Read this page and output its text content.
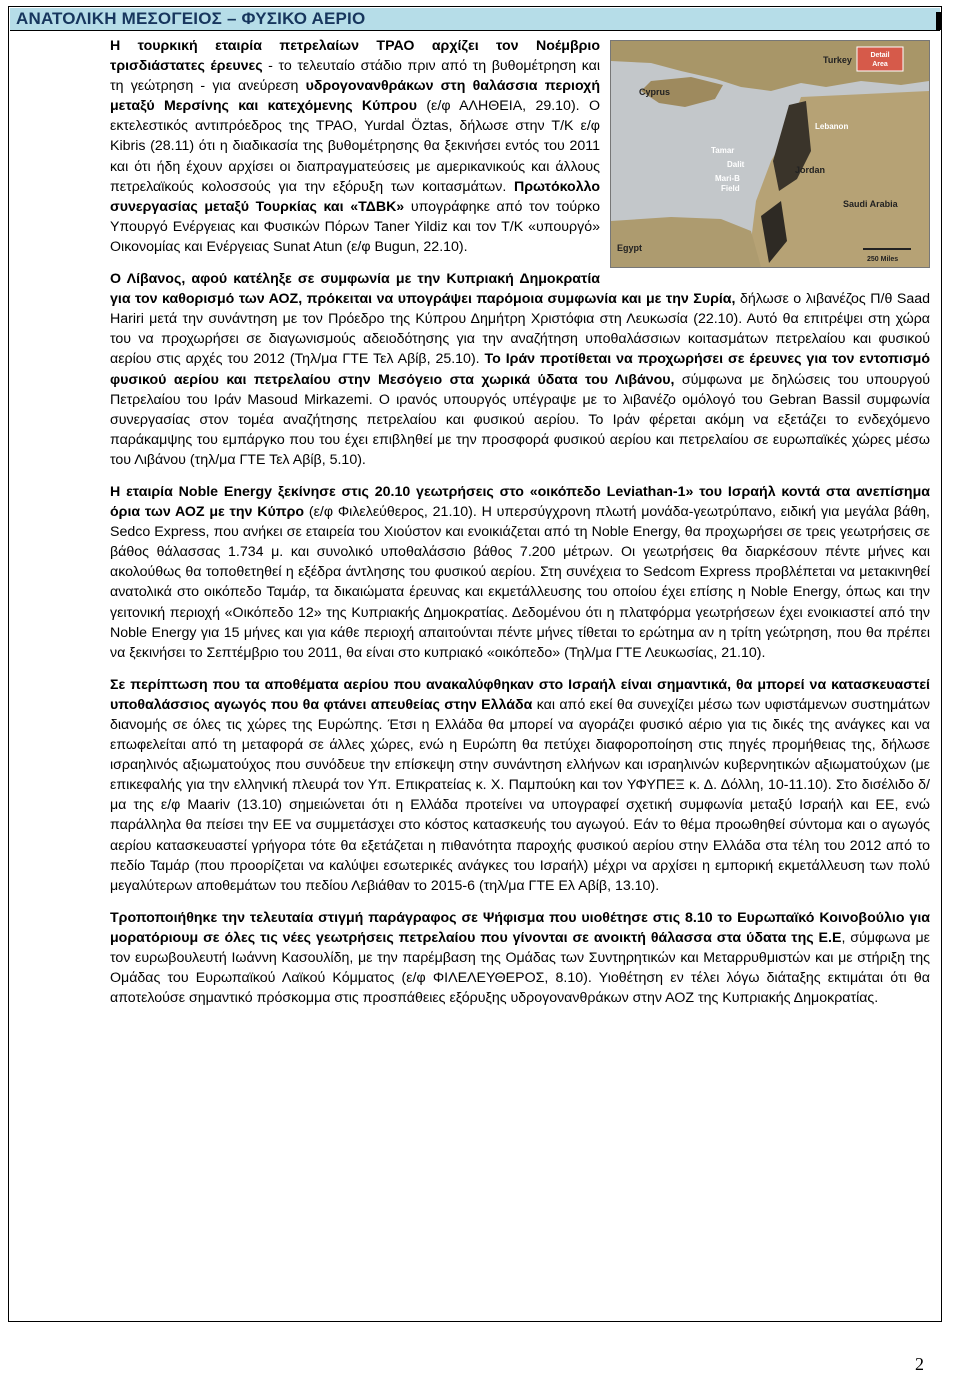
ΑΝΑΤΟΛΙΚΗ ΜΕΣΟΓΕΙΟΣ – ΦΥΣΙΚΟ ΑΕΡΙΟ

Detail
Area
Turkey
Cyprus
Lebanon
Tamar
Dalit
Mari-B
Field
Jordan
Egypt
Saudi Arabia
250 Miles
Η τουρκική εταιρία πετρελαίων ΤΡΑΟ αρχίζει τον Νοέμβριο τρισδιάστατες έρευνες - το τελευταίο στάδιο πριν από τη βυθομέτρηση και τη γεώτρηση - για ανεύρεση υδρογονανθράκων στη θαλάσσια περιοχή μεταξύ Μερσίνης και κατεχόμενης Κύπρου (ε/φ ΑΛΗΘΕΙΑ, 29.10). Ο εκτελεστικός αντιπρόεδρος της ΤΡΑΟ, Yurdal Öztas, δήλωσε στην Τ/Κ ε/φ Kibris (28.11) ότι η διαδικασία της βυθομέτρησης θα ξεκινήσει εντός του 2011 και ότι ήδη έχουν αρχίσει οι διαπραγματεύσεις με αμερικανικούς και άλλους πετρελαϊκούς κολοσσούς για την εξόρυξη των κοιτασμάτων. Πρωτόκολλο συνεργασίας μεταξύ Τουρκίας και «ΤΔΒΚ» υπογράφηκε από τον τούρκο Υπουργό Ενέργειας και Φυσικών Πόρων Taner Yildiz και τον Τ/Κ «υπουργό» Οικονομίας και Ενέργειας Sunat Atun (ε/φ Bugun, 22.10).

Ο Λίβανος, αφού κατέληξε σε συμφωνία με την Κυπριακή Δημοκρατία για τον καθορισμό των ΑΟΖ, πρόκειται να υπογράψει παρόμοια συμφωνία και με την Συρία, δήλωσε ο λιβανέζος Π/θ Saad Hariri μετά την συνάντηση με τον Πρόεδρο της Κύπρου Δημήτρη Χριστόφια στη Λευκωσία (22.10). Αυτό θα επιτρέψει στη χώρα του να προχωρήσει σε διαγωνισμούς αδειοδότησης για την αναζήτηση υποθαλάσσιων κοιτασμάτων πετρελαίου και φυσικού αερίου στις αρχές του 2012 (Τηλ/μα ΓΤΕ Τελ Αβίβ, 25.10). Το Ιράν προτίθεται να προχωρήσει σε έρευνες για τον εντοπισμό φυσικού αερίου και πετρελαίου στην Μεσόγειο στα χωρικά ύδατα του Λιβάνου, σύμφωνα με δηλώσεις του υπουργού Πετρελαίου του Ιράν Masoud Mirkazemi. Ο ιρανός υπουργός υπέγραψε με το λιβανέζο ομόλογό του Gebran Bassil συμφωνία συνεργασίας στον τομέα αναζήτησης πετρελαίου και φυσικού αερίου. Το Ιράν φέρεται ακόμη να εξετάζει το ενδεχόμενο παράκαμψης του εμπάργκο που του έχει επιβληθεί με την προσφορά φυσικού αερίου και πετρελαίου σε ευρωπαϊκές χώρες μέσω του Λιβάνου (τηλ/μα ΓΤΕ Τελ Αβίβ, 5.10).

Η εταιρία Noble Energy ξεκίνησε στις 20.10 γεωτρήσεις στο «οικόπεδο Leviathan-1» του Ισραήλ κοντά στα ανεπίσημα όρια των ΑΟΖ με την Κύπρο (ε/φ Φιλελεύθερος, 21.10). Η υπερσύγχρονη πλωτή μονάδα-γεωτρύπανο, ειδική για μεγάλα βάθη, Sedco Express, που ανήκει σε εταιρεία του Χιούστον και ενοικιάζεται από τη Noble Energy, θα προχωρήσει σε τρεις γεωτρήσεις σε βάθος θάλασσας 1.734 μ. και συνολικό υποθαλάσσιο βάθος 7.200 μέτρων. Οι γεωτρήσεις θα διαρκέσουν πέντε μήνες και ακολούθως θα τοποθετηθεί η εξέδρα άντλησης του φυσικού αερίου. Στη συνέχεια το Sedcom Express προβλέπεται να μετακινηθεί ανατολικά στο οικόπεδο Ταμάρ, τα δικαιώματα έρευνας και εκμετάλλευσης του οποίου έχει επίσης η Noble Energy, όπως και την γειτονική περιοχή «Οικόπεδο 12» της Κυπριακής Δημοκρατίας. Δεδομένου ότι η πλατφόρμα γεωτρήσεων έχει ενοικιαστεί από την Noble Energy για 15 μήνες και για κάθε περιοχή απαιτούνται πέντε μήνες τίθεται το ερώτημα αν η τρίτη γεώτρηση, που θα πρέπει να ξεκινήσει το Σεπτέμβριο του 2011, θα είναι στο κυπριακό «οικόπεδο» (Τηλ/μα ΓΤΕ Λευκωσίας, 21.10).

Σε περίπτωση που τα αποθέματα αερίου που ανακαλύφθηκαν στο Ισραήλ είναι σημαντικά, θα μπορεί να κατασκευαστεί υποθαλάσσιος αγωγός που θα φτάνει απευθείας στην Ελλάδα και από εκεί θα συνεχίζει μέσω των υφιστάμενων συστημάτων διανομής σε όλες τις χώρες της Ευρώπης. Έτσι η Ελλάδα θα μπορεί να αγοράζει φυσικό αέριο για τις δικές της ανάγκες και να επωφελείται από τη μεταφορά σε άλλες χώρες, ενώ η Ευρώπη θα πετύχει διαφοροποίηση στις πηγές προμήθειας της, δήλωσε ισραηλινός αξιωματούχος που συνόδευε την επίσκεψη στην συνάντηση ελλήνων και ισραηλινών κυβερνητικών αξιωματούχων (με επικεφαλής για την ελληνική πλευρά τον Υπ. Επικρατείας κ. Χ. Παμπούκη και τον ΥΦΥΠΕΞ κ. Δ. Δόλλη, 10-11.10). Στο δισέλιδο δ/μα της ε/φ Maariv (13.10) σημειώνεται ότι η Ελλάδα προτείνει να υπογραφεί σχετική συμφωνία μεταξύ Ισραήλ και ΕΕ, ενώ παράλληλα θα πείσει την ΕΕ να συμμετάσχει στο κόστος κατασκευής του αγωγού. Εάν το θέμα προωθηθεί σύντομα και ο αγωγός αερίου κατασκευαστεί γρήγορα τότε θα εξετάζεται η πιθανότητα παροχής φυσικού αερίου στην Ελλάδα στα τέλη του 2012 από το πεδίο Ταμάρ (που προορίζεται να καλύψει εσωτερικές ανάγκες του Ισραήλ) μέχρι να αρχίσει η εμπορική εκμετάλλευση των πολύ μεγαλύτερων αποθεμάτων του πεδίου Λεβιάθαν το 2015-6 (τηλ/μα ΓΤΕ Ελ Αβίβ, 13.10).

Τροποποιήθηκε την τελευταία στιγμή παράγραφος σε Ψήφισμα που υιοθέτησε στις 8.10 το Ευρωπαϊκό Κοινοβούλιο για μορατόριουμ σε όλες τις νέες γεωτρήσεις πετρελαίου που γίνονται σε ανοικτή θάλασσα στα ύδατα της Ε.Ε, σύμφωνα με τον ευρωβουλευτή Ιωάννη Κασουλίδη, με την παρέμβαση της Ομάδας των Συντηρητικών και Μεταρρυθμιστών και με στήριξη της Ομάδας του Ευρωπαϊκού Λαϊκού Κόμματος (ε/φ ΦΙΛΕΛΕΥΘΕΡΟΣ, 8.10). Υιοθέτηση εν τέλει λόγω διάταξης εκτιμάται ότι θα αποτελούσε σημαντικό πρόσκομμα στις προσπάθειες εξόρυξης υδρογονανθράκων στην ΑΟΖ της Κυπριακής Δημοκρατίας.

2
